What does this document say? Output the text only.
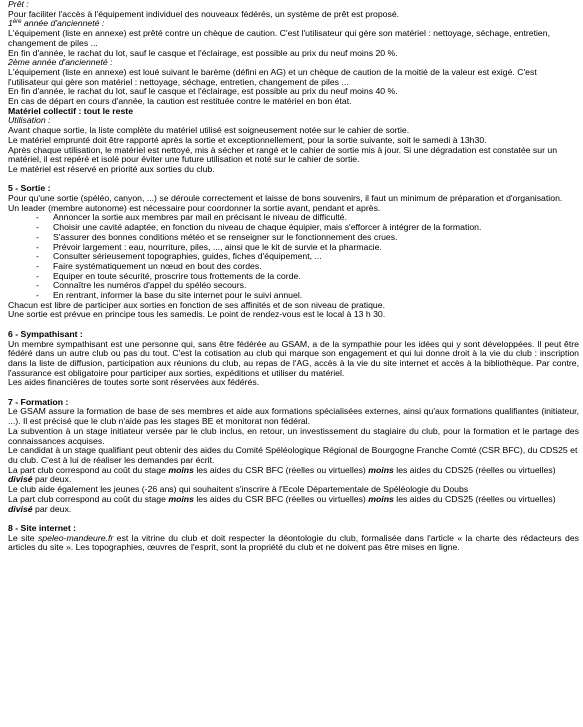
Prêt :

Pour faciliter l'accès à l'équipement individuel des nouveaux fédérés, un système de prêt est proposé.

1ère année d'ancienneté :

L'équipement (liste en annexe) est prêté contre un chèque de caution. C'est l'utilisateur qui gère son matériel : nettoyage, séchage, entretien, changement de piles ...

En fin d'année, le rachat du lot, sauf le casque et l'éclairage, est possible au prix du neuf moins 20 %.

2ème année d'ancienneté :

L'équipement (liste en annexe) est loué suivant le barème (défini en AG) et un chèque de caution de la moitié de la valeur est exigé. C'est l'utilisateur qui gère son matériel : nettoyage, séchage, entretien, changement de piles ...

En fin d'année, le rachat du lot, sauf le casque et l'éclairage, est possible au prix du neuf moins 40 %.

En cas de départ en cours d'année, la caution est restituée contre le matériel en bon état.

Matériel collectif : tout le reste

Utilisation :

Avant chaque sortie, la liste complète du matériel utilisé est soigneusement notée sur le cahier de sortie.

Le matériel emprunté doit être rapporté après la sortie et exceptionnellement, pour la sortie suivante, soit le samedi à 13h30.

Après chaque utilisation, le matériel est nettoyé, mis à sécher et rangé et le cahier de sortie mis à jour. Si une dégradation est constatée sur un matériel, il est repéré et isolé pour éviter une future utilisation et noté sur le cahier de sortie.

Le matériel est réservé en priorité aux sorties du club.

5 - Sortie :

Pour qu'une sortie (spéléo, canyon, ...) se déroule correctement et laisse de bons souvenirs, il faut un minimum de préparation et d'organisation.

Un leader (membre autonome) est nécessaire pour coordonner la sortie avant, pendant et après.

- Annoncer la sortie aux membres par mail en précisant le niveau de difficulté.
- Choisir une cavité adaptée, en fonction du niveau de chaque équipier, mais s'efforcer à intégrer de la formation.
- S'assurer des bonnes conditions météo et se renseigner sur le fonctionnement des crues.
- Prévoir largement : eau, nourriture, piles, ..., ainsi que le kit de survie et la pharmacie.
- Consulter sérieusement topographies, guides, fiches d'équipement, ...
- Faire systématiquement un nœud en bout des cordes.
- Equiper en toute sécurité, proscrire tous frottements de la corde.
- Connaître les numéros d'appel du spéléo secours.
- En rentrant, informer la base du site internet pour le suivi annuel.

Chacun est libre de participer aux sorties en fonction de ses affinités et de son niveau de pratique.

Une sortie est prévue en principe tous les samedis. Le point de rendez-vous est le local à 13 h 30.

6 - Sympathisant :

Un membre sympathisant est une personne qui, sans être fédérée au GSAM, a de la sympathie pour les idées qui y sont développées. Il peut être fédéré dans un autre club ou pas du tout. C'est la cotisation au club qui marque son engagement et qui lui donne droit à la vie du club : inscription dans la liste de diffusion, participation aux réunions du club, au repas de l'AG, accès à la vie du site internet et accès à la bibliothèque. Par contre, l'assurance est obligatoire pour participer aux sorties, expéditions et utiliser du matériel.

Les aides financières de toutes sorte sont réservées aux fédérés.

7 - Formation :

Le GSAM assure la formation de base de ses membres et aide aux formations spécialisées externes, ainsi qu'aux formations qualifiantes (initiateur, ...). Il est précisé que le club n'aide pas les stages BE et monitorat non fédéral.

La subvention à un stage initiateur versée par le club inclus, en retour, un investissement du stagiaire du club, pour la formation et le partage des connaissances acquises.

Le candidat à un stage qualifiant peut obtenir des aides du Comité Spéléologique Régional de Bourgogne Franche Comté (CSR BFC), du CDS25 et du club. C'est à lui de réaliser les demandes par écrit.

La part club correspond au coût du stage moins les aides du CSR BFC (réelles ou virtuelles) moins les aides du CDS25 (réelles ou virtuelles) divisé par deux.

Le club aide également les jeunes (-26 ans) qui souhaitent s'inscrire à l'Ecole Départementale de Spéléologie du Doubs

La part club correspond au coût du stage moins les aides du CSR BFC (réelles ou virtuelles) moins les aides du CDS25 (réelles ou virtuelles) divisé par deux.

8 - Site internet :

Le site speleo-mandeure.fr est la vitrine du club et doit respecter la déontologie du club, formalisée dans l'article « la charte des rédacteurs des articles du site ». Les topographies, œuvres de l'esprit, sont la propriété du club et ne doivent pas être mises en ligne.
